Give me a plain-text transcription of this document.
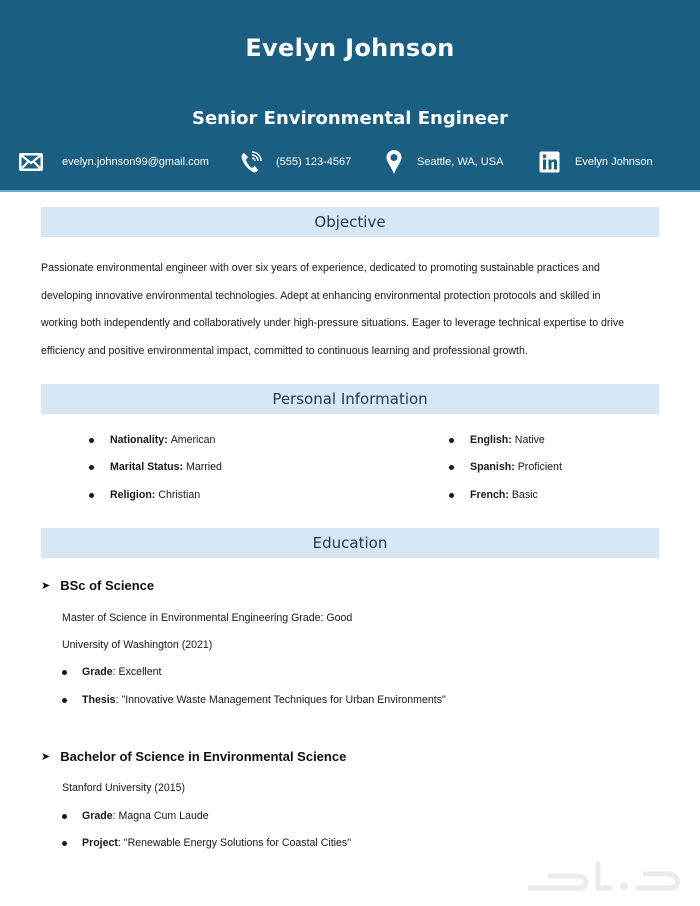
Evelyn Johnson
Senior Environmental Engineer
evelyn.johnson99@gmail.com	(555) 123-4567	Seattle, WA, USA	Evelyn Johnson
Objective
Passionate environmental engineer with over six years of experience, dedicated to promoting sustainable practices and
developing innovative environmental technologies. Adept at enhancing environmental protection protocols and skilled in
working both independently and collaboratively under high-pressure situations. Eager to leverage technical expertise to drive
efficiency and positive environmental impact, committed to continuous learning and professional growth.
Personal Information
Nationality: American
Marital Status: Married
Religion: Christian
English: Native
Spanish: Proficient
French: Basic
Education
➤ BSc of Science
Master of Science in Environmental Engineering Grade: Good
University of Washington (2021)
Grade : Excellent
Thesis : "Innovative Waste Management Techniques for Urban Environments"
➤ Bachelor of Science in Environmental Science
Stanford University (2015)
Grade : Magna Cum Laude
Project : "Renewable Energy Solutions for Coastal Cities"
